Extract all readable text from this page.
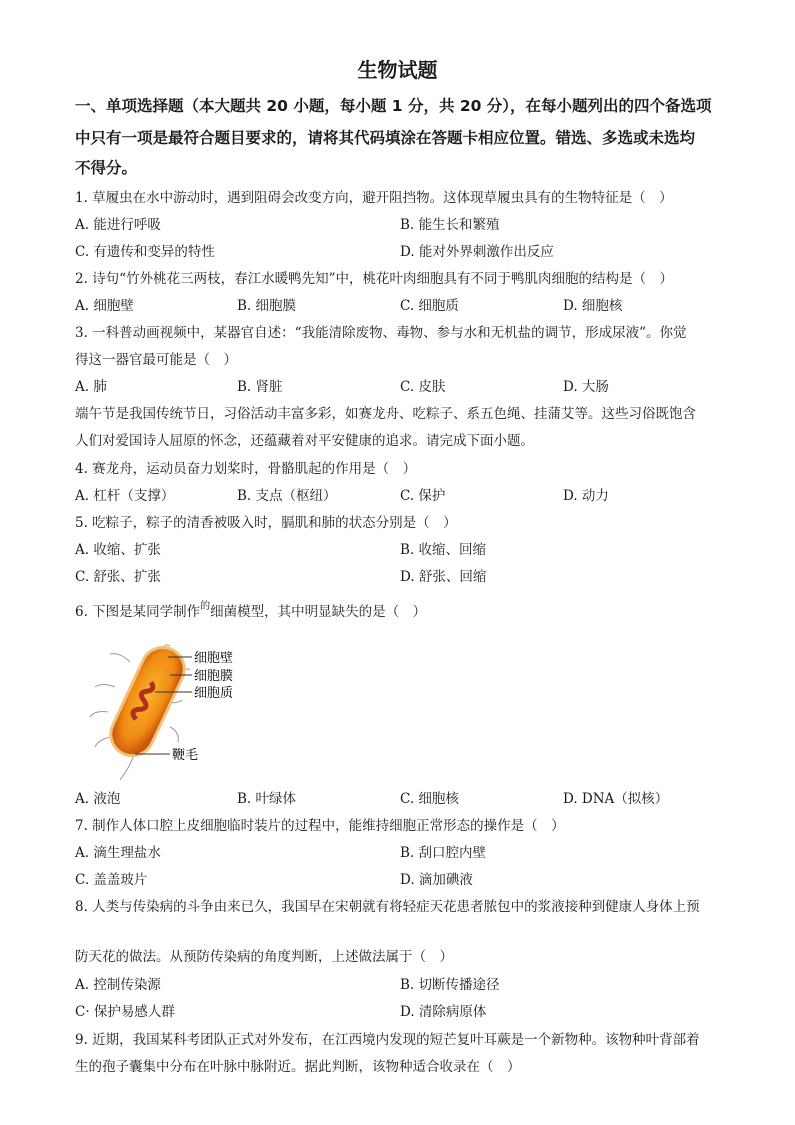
生物试题
一、单项选择题（本大题共 20 小题，每小题 1 分，共 20 分），在每小题列出的四个备选项
中只有一项是最符合题目要求的，请将其代码填涂在答题卡相应位置。错选、多选或未选均
不得分。
1. 草履虫在水中游动时，遇到阻碍会改变方向，避开阻挡物。这体现草履虫具有的生物特征是（　）
A. 能进行呼吸	B. 能生长和繁殖
C. 有遗传和变异的特性	D. 能对外界刺激作出反应
2. 诗句“竹外桃花三两枝，春江水暖鸭先知”中，桃花叶肉细胞具有不同于鸭肌肉细胞的结构是（　）
A. 细胞壁	B. 细胞膜	C. 细胞质	D. 细胞核
3. 一科普动画视频中，某器官自述：“我能清除废物、毒物、参与水和无机盐的调节，形成尿液”。你觉
得这一器官最可能是（　）
A. 肺	B. 肾脏	C. 皮肤	D. 大肠
端午节是我国传统节日，习俗活动丰富多彩，如赛龙舟、吃粽子、系五色绳、挂蒲艾等。这些习俗既饱含
人们对爱国诗人屈原的怀念，还蕴藏着对平安健康的追求。请完成下面小题。
4. 赛龙舟，运动员奋力划桨时，骨骼肌起的作用是（　）
A. 杠杆（支撑）	B. 支点（枢纽）	C. 保护	D. 动力
5. 吃粽子，粽子的清香被吸入时，膈肌和肺的状态分别是（　）
A. 收缩、扩张	B. 收缩、回缩
C. 舒张、扩张	D. 舒张、回缩
6. 下图是某同学制作$^的$细菌模型，其中明显缺失的是（　）
细胞壁
细胞膜
细胞质
鞭毛
A. 液泡	B. 叶绿体	C. 细胞核	D. DNA（拟核）
7. 制作人体口腔上皮细胞临时装片的过程中，能维持细胞正常形态的操作是（　）
A. 滴生理盐水	B. 刮口腔内壁
C. 盖盖玻片	D. 滴加碘液
8. 人类与传染病的斗争由来已久，我国早在宋朝就有将轻症天花患者脓包中的浆液接种到健康人身体上预
防天花的做法。从预防传染病的角度判断，上述做法属于（　）
A. 控制传染源	B. 切断传播途径
C· 保护易感人群	D. 清除病原体
9. 近期，我国某科考团队正式对外发布，在江西境内发现的短芒复叶耳蕨是一个新物种。该物种叶背部着
生的孢子囊集中分布在叶脉中脉附近。据此判断，该物种适合收录在（　）
